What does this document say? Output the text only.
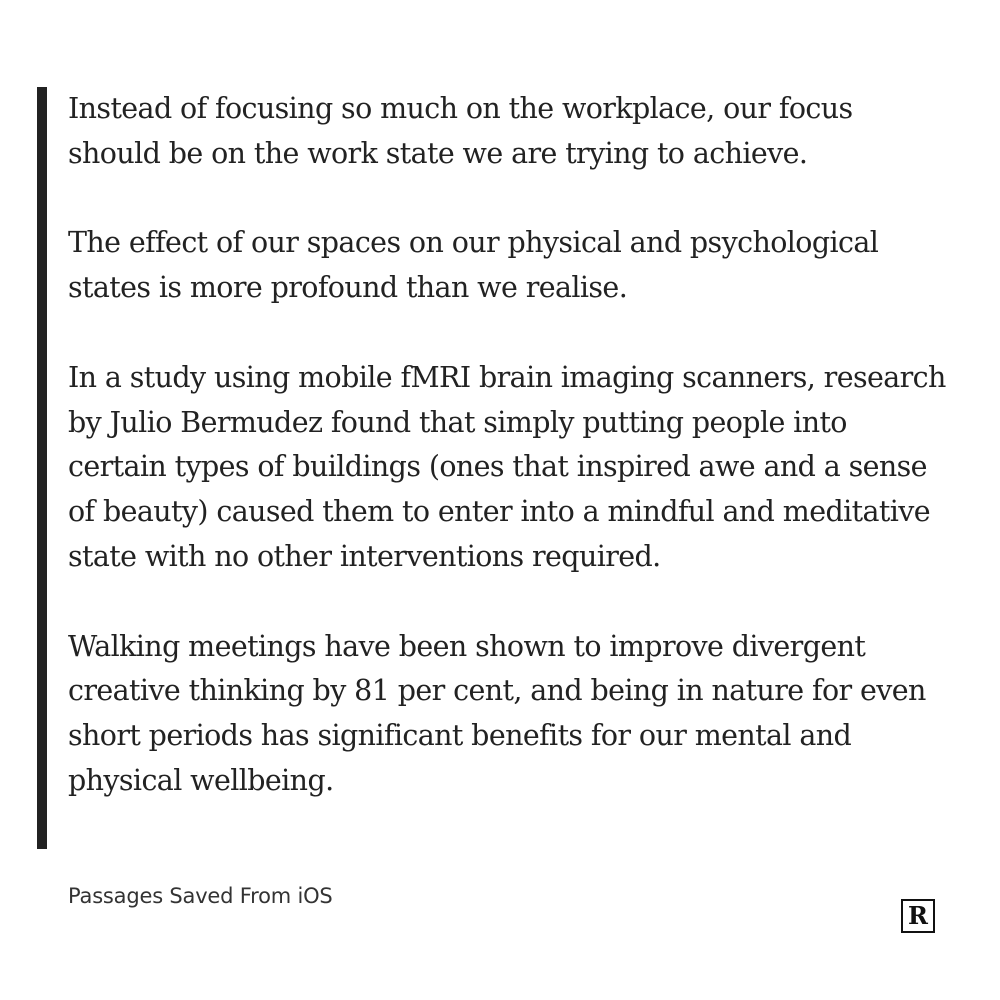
Instead of focusing so much on the workplace, our focus should be on the work state we are trying to achieve.

The effect of our spaces on our physical and psychological states is more profound than we realise.

In a study using mobile fMRI brain imaging scanners, research by Julio Bermudez found that simply putting people into certain types of buildings (ones that inspired awe and a sense of beauty) caused them to enter into a mindful and meditative state with no other interventions required.

Walking meetings have been shown to improve divergent creative thinking by 81 per cent, and being in nature for even short periods has significant benefits for our mental and physical wellbeing.

Passages Saved From iOS
R
